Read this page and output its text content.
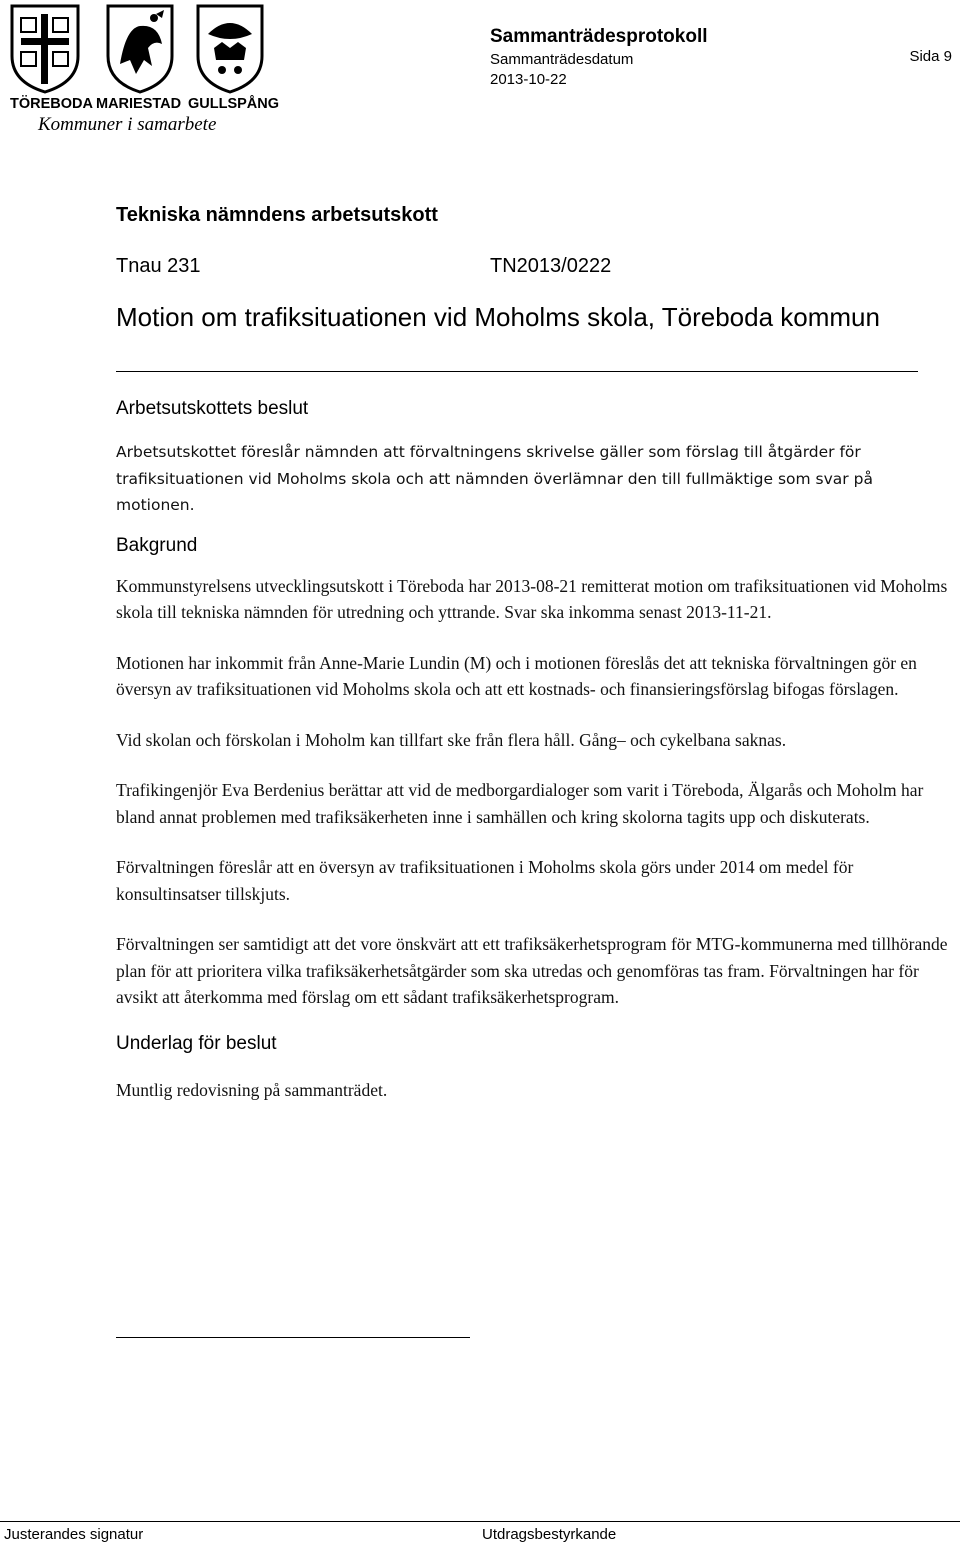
TÖREBODA MARIESTAD GULLSPÅNG
Kommuner i samarbete
Sammanträdesprotokoll
Sammanträdesdatum
2013-10-22
Sida 9
Tekniska nämndens arbetsutskott
Tnau 231	TN2013/0222
Motion om trafiksituationen vid Moholms skola, Töreboda kommun
Arbetsutskottets beslut

Arbetsutskottet föreslår nämnden att förvaltningens skrivelse gäller som förslag till åtgärder för trafiksituationen vid Moholms skola och att nämnden överlämnar den till fullmäktige som svar på motionen.

Bakgrund

Kommunstyrelsens utvecklingsutskott i Töreboda har 2013-08-21 remitterat motion om trafiksituationen vid Moholms skola till tekniska nämnden för utredning och yttrande. Svar ska inkomma senast 2013-11-21.

Motionen har inkommit från Anne-Marie Lundin (M) och i motionen föreslås det att tekniska förvaltningen gör en översyn av trafiksituationen vid Moholms skola och att ett kostnads- och finansieringsförslag bifogas förslagen.

Vid skolan och förskolan i Moholm kan tillfart ske från flera håll. Gång– och cykelbana saknas.

Trafikingenjör Eva Berdenius berättar att vid de medborgardialoger som varit i Töreboda, Älgarås och Moholm har bland annat problemen med trafiksäkerheten inne i samhällen och kring skolorna tagits upp och diskuterats.

Förvaltningen föreslår att en översyn av trafiksituationen i Moholms skola görs under 2014 om medel för konsultinsatser tillskjuts.

Förvaltningen ser samtidigt att det vore önskvärt att ett trafiksäkerhetsprogram för MTG-kommunerna med tillhörande plan för att prioritera vilka trafiksäkerhetsåtgärder som ska utredas och genomföras tas fram. Förvaltningen har för avsikt att återkomma med förslag om ett sådant trafiksäkerhetsprogram.

Underlag för beslut

Muntlig redovisning på sammanträdet.

Justerandes signatur	Utdragsbestyrkande
